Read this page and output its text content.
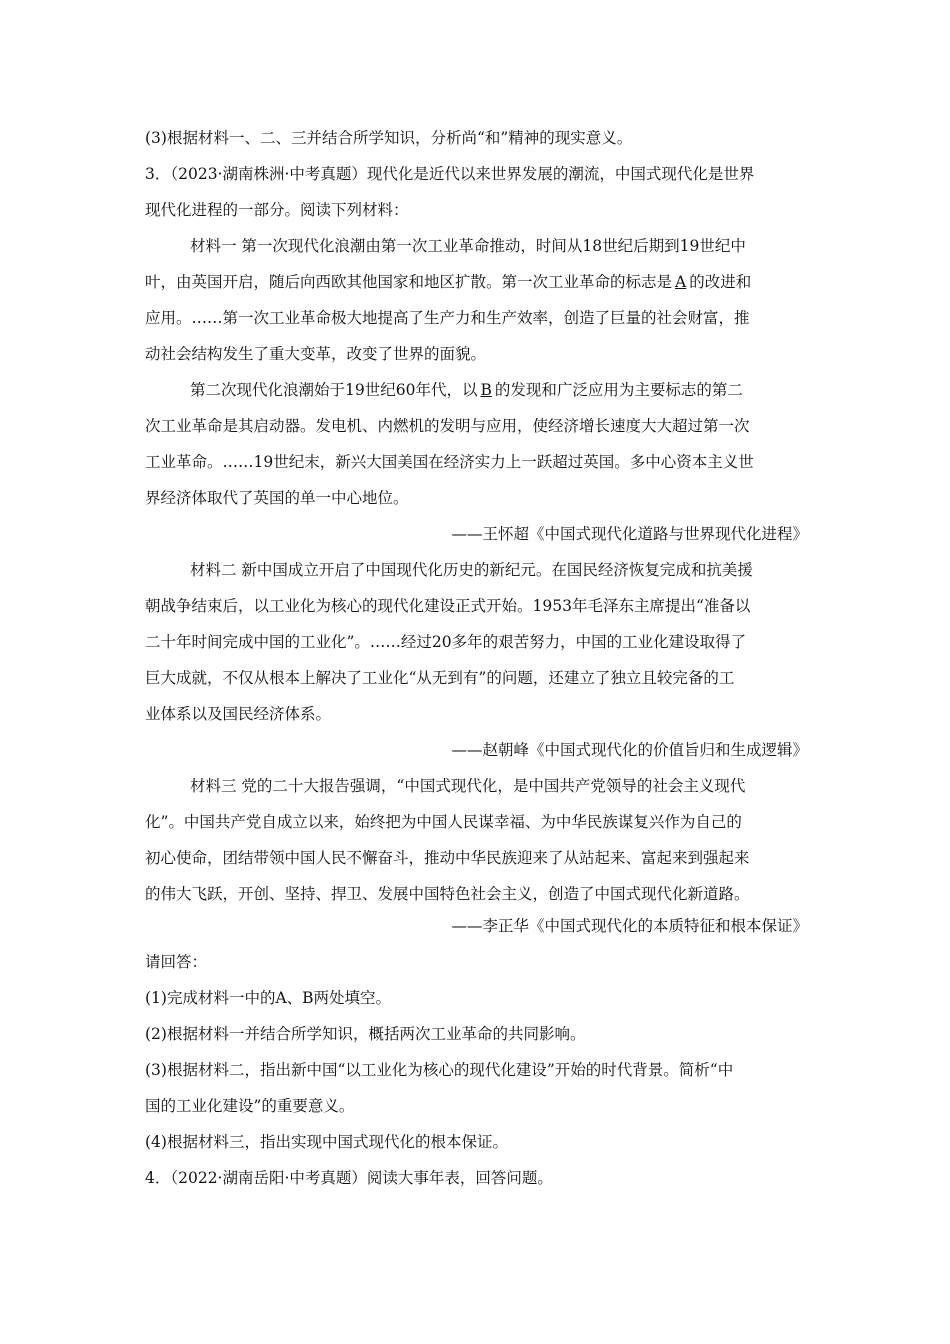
(3)根据材料一、二、三并结合所学知识，分析尚“和”精神的现实意义。
3．（2023·湖南株洲·中考真题）现代化是近代以来世界发展的潮流，中国式现代化是世界
现代化进程的一部分。阅读下列材料：
材料一 第一次现代化浪潮由第一次工业革命推动，时间从18世纪后期到19世纪中
叶，由英国开启，随后向西欧其他国家和地区扩散。第一次工业革命的标志是 A 的改进和
应用。……第一次工业革命极大地提高了生产力和生产效率，创造了巨量的社会财富，推
动社会结构发生了重大变革，改变了世界的面貌。
第二次现代化浪潮始于19世纪60年代，以 B 的发现和广泛应用为主要标志的第二
次工业革命是其启动器。发电机、内燃机的发明与应用，使经济增长速度大大超过第一次
工业革命。……19世纪末，新兴大国美国在经济实力上一跃超过英国。多中心资本主义世
界经济体取代了英国的单一中心地位。
——王怀超《中国式现代化道路与世界现代化进程》
材料二 新中国成立开启了中国现代化历史的新纪元。在国民经济恢复完成和抗美援
朝战争结束后，以工业化为核心的现代化建设正式开始。1953年毛泽东主席提出“准备以
二十年时间完成中国的工业化”。……经过20多年的艰苦努力，中国的工业化建设取得了
巨大成就，不仅从根本上解决了工业化“从无到有”的问题，还建立了独立且较完备的工
业体系以及国民经济体系。
——赵朝峰《中国式现代化的价值旨归和生成逻辑》
材料三 党的二十大报告强调，“中国式现代化，是中国共产党领导的社会主义现代
化”。中国共产党自成立以来，始终把为中国人民谋幸福、为中华民族谋复兴作为自己的
初心使命，团结带领中国人民不懈奋斗，推动中华民族迎来了从站起来、富起来到强起来
的伟大飞跃，开创、坚持、捍卫、发展中国特色社会主义，创造了中国式现代化新道路。
——李正华《中国式现代化的本质特征和根本保证》
请回答：
(1)完成材料一中的A、B两处填空。
(2)根据材料一并结合所学知识，概括两次工业革命的共同影响。
(3)根据材料二，指出新中国“以工业化为核心的现代化建设”开始的时代背景。简析“中
国的工业化建设”的重要意义。
(4)根据材料三，指出实现中国式现代化的根本保证。
4．（2022·湖南岳阳·中考真题）阅读大事年表，回答问题。
